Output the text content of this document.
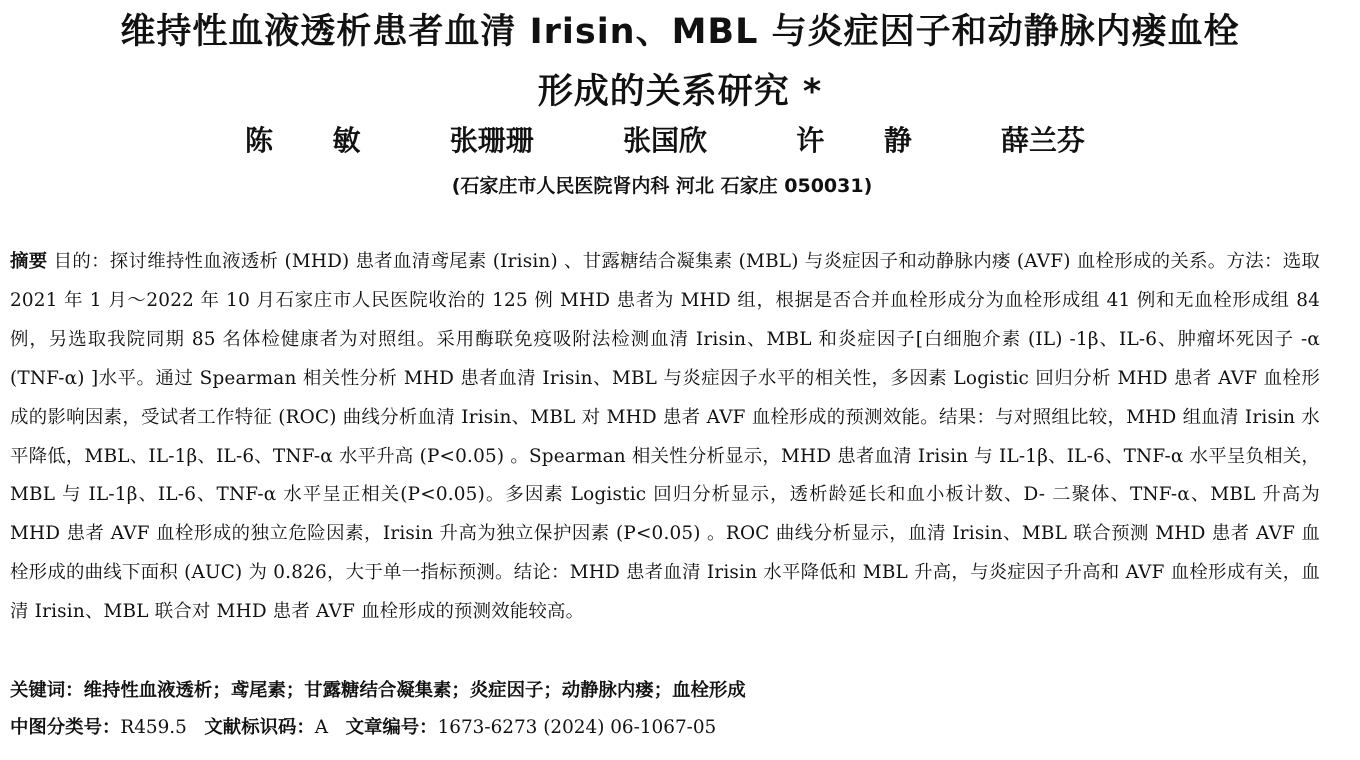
维持性血液透析患者血清 Irisin、MBL 与炎症因子和动静脉内瘘血栓
形成的关系研究 *
陈  敏   张珊珊   张国欣   许  静   薛兰芬
(石家庄市人民医院肾内科 河北 石家庄 050031)
摘要 目的：探讨维持性血液透析 (MHD) 患者血清鸢尾素 (Irisin) 、甘露糖结合凝集素 (MBL) 与炎症因子和动静脉内瘘 (AVF) 血栓形成的关系。方法：选取 2021 年 1 月～2022 年 10 月石家庄市人民医院收治的 125 例 MHD 患者为 MHD 组，根据是否合并血栓形成分为血栓形成组 41 例和无血栓形成组 84 例，另选取我院同期 85 名体检健康者为对照组。采用酶联免疫吸附法检测血清 Irisin、MBL 和炎症因子[白细胞介素 (IL) -1β、IL-6、肿瘤坏死因子 -α (TNF-α) ]水平。通过 Spearman 相关性分析 MHD 患者血清 Irisin、MBL 与炎症因子水平的相关性，多因素 Logistic 回归分析 MHD 患者 AVF 血栓形成的影响因素，受试者工作特征 (ROC) 曲线分析血清 Irisin、MBL 对 MHD 患者 AVF 血栓形成的预测效能。结果：与对照组比较，MHD 组血清 Irisin 水平降低，MBL、IL-1β、IL-6、TNF-α 水平升高 (P<0.05) 。Spearman 相关性分析显示，MHD 患者血清 Irisin 与 IL-1β、IL-6、TNF-α 水平呈负相关，MBL 与 IL-1β、IL-6、TNF-α 水平呈正相关(P<0.05)。多因素 Logistic 回归分析显示，透析龄延长和血小板计数、D- 二聚体、TNF-α、MBL 升高为 MHD 患者 AVF 血栓形成的独立危险因素，Irisin 升高为独立保护因素 (P<0.05) 。ROC 曲线分析显示，血清 Irisin、MBL 联合预测 MHD 患者 AVF 血栓形成的曲线下面积 (AUC) 为 0.826，大于单一指标预测。结论：MHD 患者血清 Irisin 水平降低和 MBL 升高，与炎症因子升高和 AVF 血栓形成有关，血清 Irisin、MBL 联合对 MHD 患者 AVF 血栓形成的预测效能较高。
关键词：维持性血液透析；鸢尾素；甘露糖结合凝集素；炎症因子；动静脉内瘘；血栓形成
中图分类号：R459.5 文献标识码：A 文章编号：1673-6273 (2024) 06-1067-05
